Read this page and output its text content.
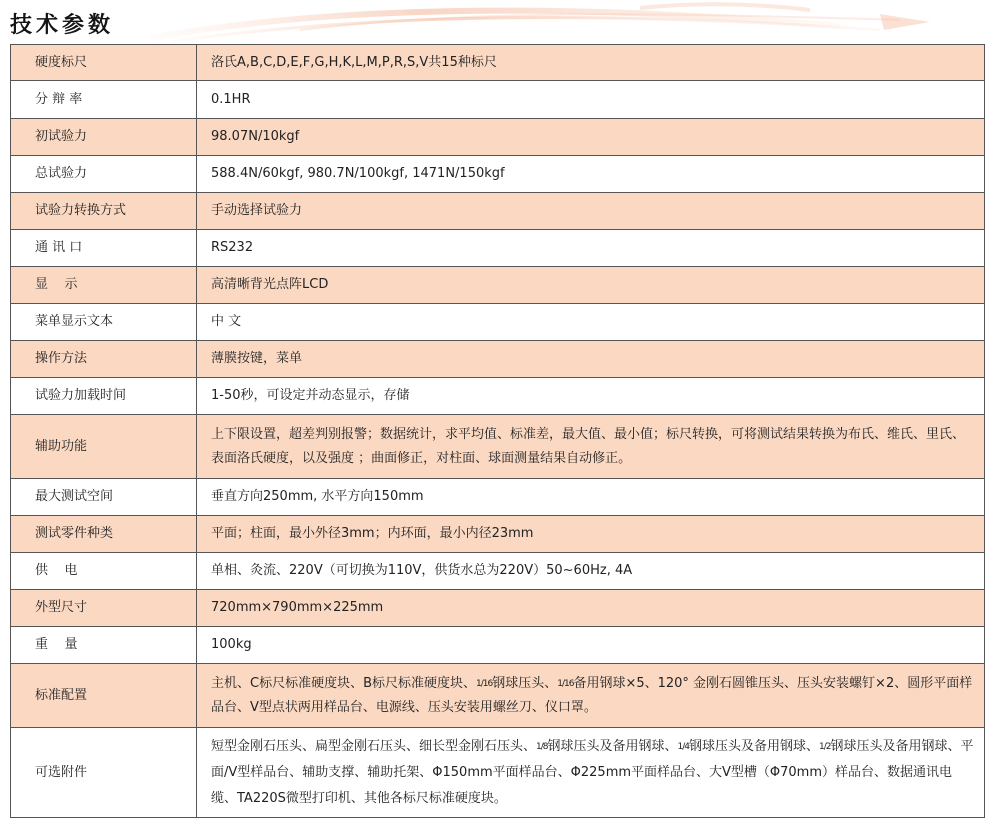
技术参数
硬度标尺	洛氏A,B,C,D,E,F,G,H,K,L,M,P,R,S,V共15种标尺
分 辩 率	0.1HR
初试验力	98.07N/10kgf
总试验力	588.4N/60kgf, 980.7N/100kgf, 1471N/150kgf
试验力转换方式	手动选择试验力
通 讯 口	RS232
显    示	高清晰背光点阵LCD
菜单显示文本	中 文
操作方法	薄膜按键，菜单
试验力加载时间	1-50秒，可设定并动态显示，存储
辅助功能	上下限设置，超差判别报警；数据统计，求平均值、标准差，最大值、最小值；标尺转换，可将测试结果转换为布氏、维氏、里氏、表面洛氏硬度，以及强度 ；曲面修正，对柱面、球面测量结果自动修正。
最大测试空间	垂直方向250mm, 水平方向150mm
测试零件种类	平面；柱面，最小外径3mm；内环面，最小内径23mm
供    电	单相、灸流、220V（可切换为110V，供货水总为220V）50~60Hz, 4A
外型尺寸	720mm×790mm×225mm
重    量	100kg
标准配置	主机、C标尺标准硬度块、B标尺标准硬度块、1/16钢球压头、1/16备用钢球×5、120° 金刚石圆锥压头、压头安装螺钉×2、圆形平面样品台、V型点状两用样品台、电源线、压头安装用螺丝刀、仪口罩。
可选附件	短型金刚石压头、扁型金刚石压头、细长型金刚石压头、1/8钢球压头及备用钢球、1/4钢球压头及备用钢球、1/2钢球压头及备用钢球、平面/V型样品台、辅助支撑、辅助托架、Φ150mm平面样品台、Φ225mm平面样品台、大V型槽（Φ70mm）样品台、数据通讯电缆、TA220S微型打印机、其他各标尺标准硬度块。
